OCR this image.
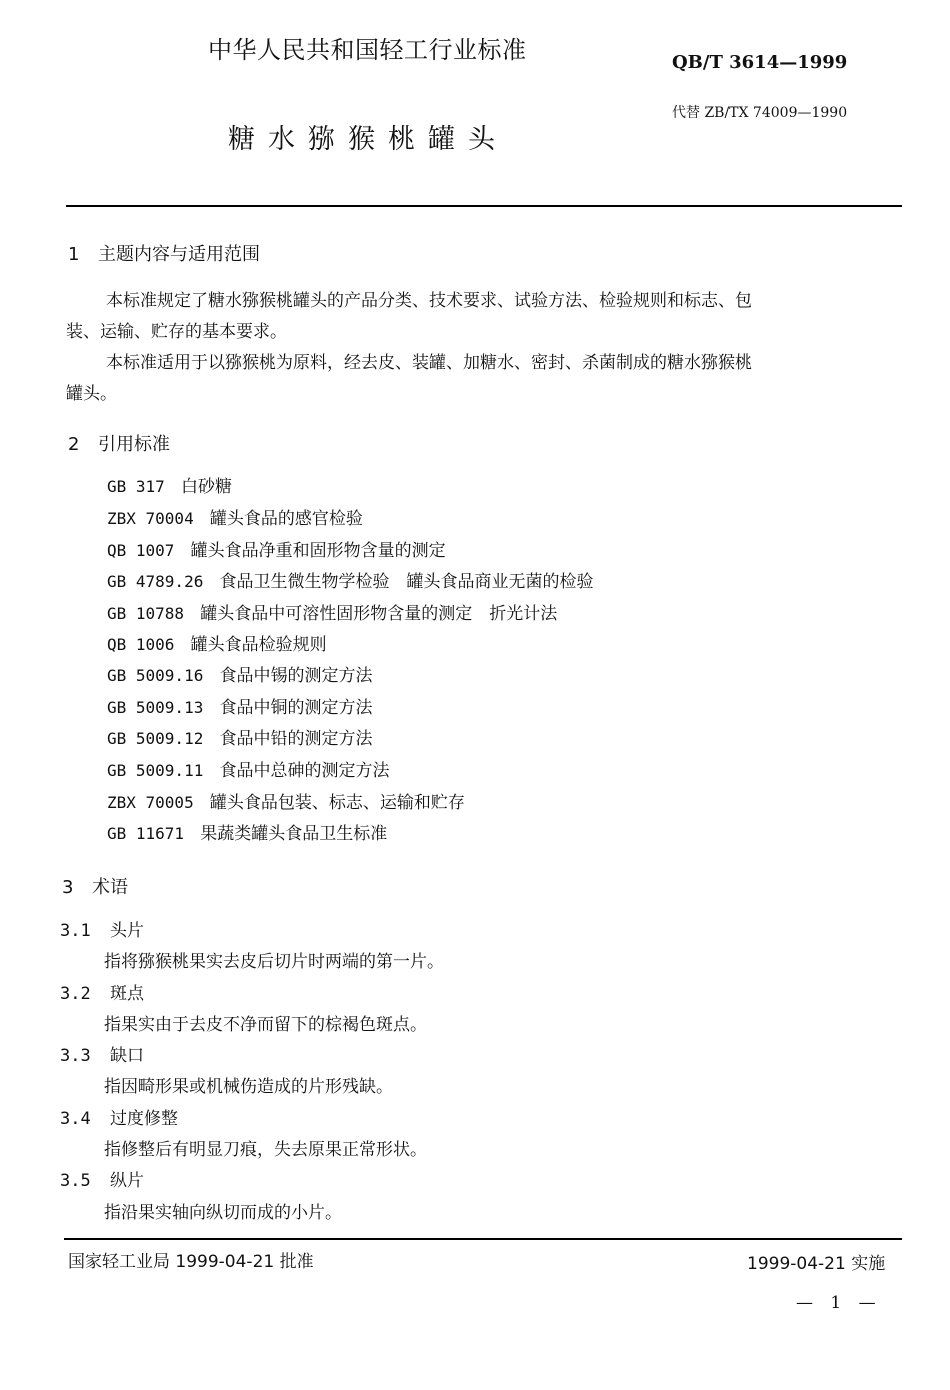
中华人民共和国轻工行业标准	QB/T 3614—1999
代替 ZB/TX 74009—1990
糖水猕猴桃罐头
1 主题内容与适用范围
本标准规定了糖水猕猴桃罐头的产品分类、技术要求、试验方法、检验规则和标志、包
装、运输、贮存的基本要求。
本标准适用于以猕猴桃为原料，经去皮、装罐、加糖水、密封、杀菌制成的糖水猕猴桃
罐头。
2 引用标准
GB 317 白砂糖
ZBX 70004 罐头食品的感官检验
QB 1007 罐头食品净重和固形物含量的测定
GB 4789.26 食品卫生微生物学检验　罐头食品商业无菌的检验
GB 10788 罐头食品中可溶性固形物含量的测定　折光计法
QB 1006 罐头食品检验规则
GB 5009.16 食品中锡的测定方法
GB 5009.13 食品中铜的测定方法
GB 5009.12 食品中铅的测定方法
GB 5009.11 食品中总砷的测定方法
ZBX 70005 罐头食品包装、标志、运输和贮存
GB 11671 果蔬类罐头食品卫生标准
3 术语
3.1 头片
指将猕猴桃果实去皮后切片时两端的第一片。
3.2 斑点
指果实由于去皮不净而留下的棕褐色斑点。
3.3 缺口
指因畸形果或机械伤造成的片形残缺。
3.4 过度修整
指修整后有明显刀痕，失去原果正常形状。
3.5 纵片
指沿果实轴向纵切而成的小片。
国家轻工业局 1999-04-21 批准	1999-04-21 实施
— 1 —
